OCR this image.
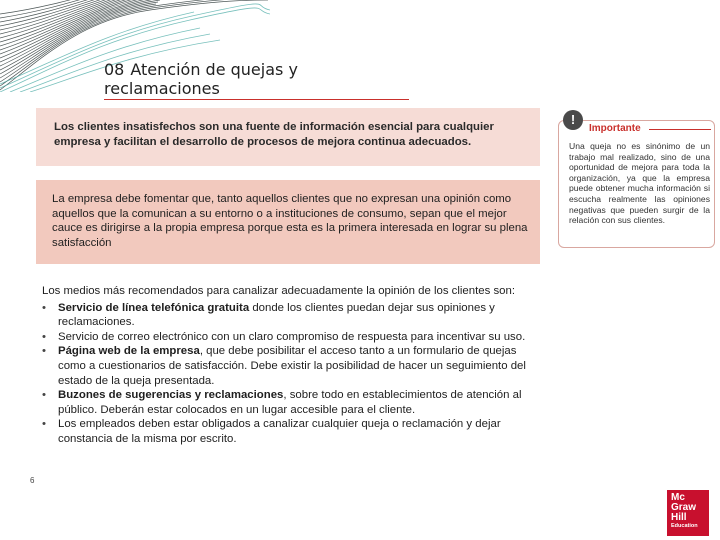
08 Atención de quejas y reclamaciones
Los clientes insatisfechos son una fuente de información esencial para cualquier empresa y facilitan el desarrollo de procesos de mejora continua adecuados.
La empresa debe fomentar que, tanto aquellos clientes que no expresan una opinión como aquellos que la comunican a su entorno o a instituciones de consumo, sepan que el mejor cauce es dirigirse a la propia empresa porque esta es la primera interesada en lograr su plena satisfacción

Los medios más recomendados para canalizar adecuadamente la opinión de los clientes son:

• Servicio de línea telefónica gratuita donde los clientes puedan dejar sus opiniones y reclamaciones.
• Servicio de correo electrónico con un claro compromiso de respuesta para incentivar su uso.
• Página web de la empresa, que debe posibilitar el acceso tanto a un formulario de quejas como a cuestionarios de satisfacción. Debe existir la posibilidad de hacer un seguimiento del estado de la queja presentada.
• Buzones de sugerencias y reclamaciones, sobre todo en establecimientos de atención al público. Deberán estar colocados en un lugar accesible para el cliente.
• Los empleados deben estar obligados a canalizar cualquier queja o reclamación y dejar constancia de la misma por escrito.
!
Importante
Una queja no es sinónimo de un trabajo mal realizado, sino de una oportunidad de mejora para toda la organización, ya que la empresa puede obtener mucha información si escucha realmente las opiniones negativas que pueden surgir de la relación con sus clientes.
6
Mc
Graw
Hill
Education
